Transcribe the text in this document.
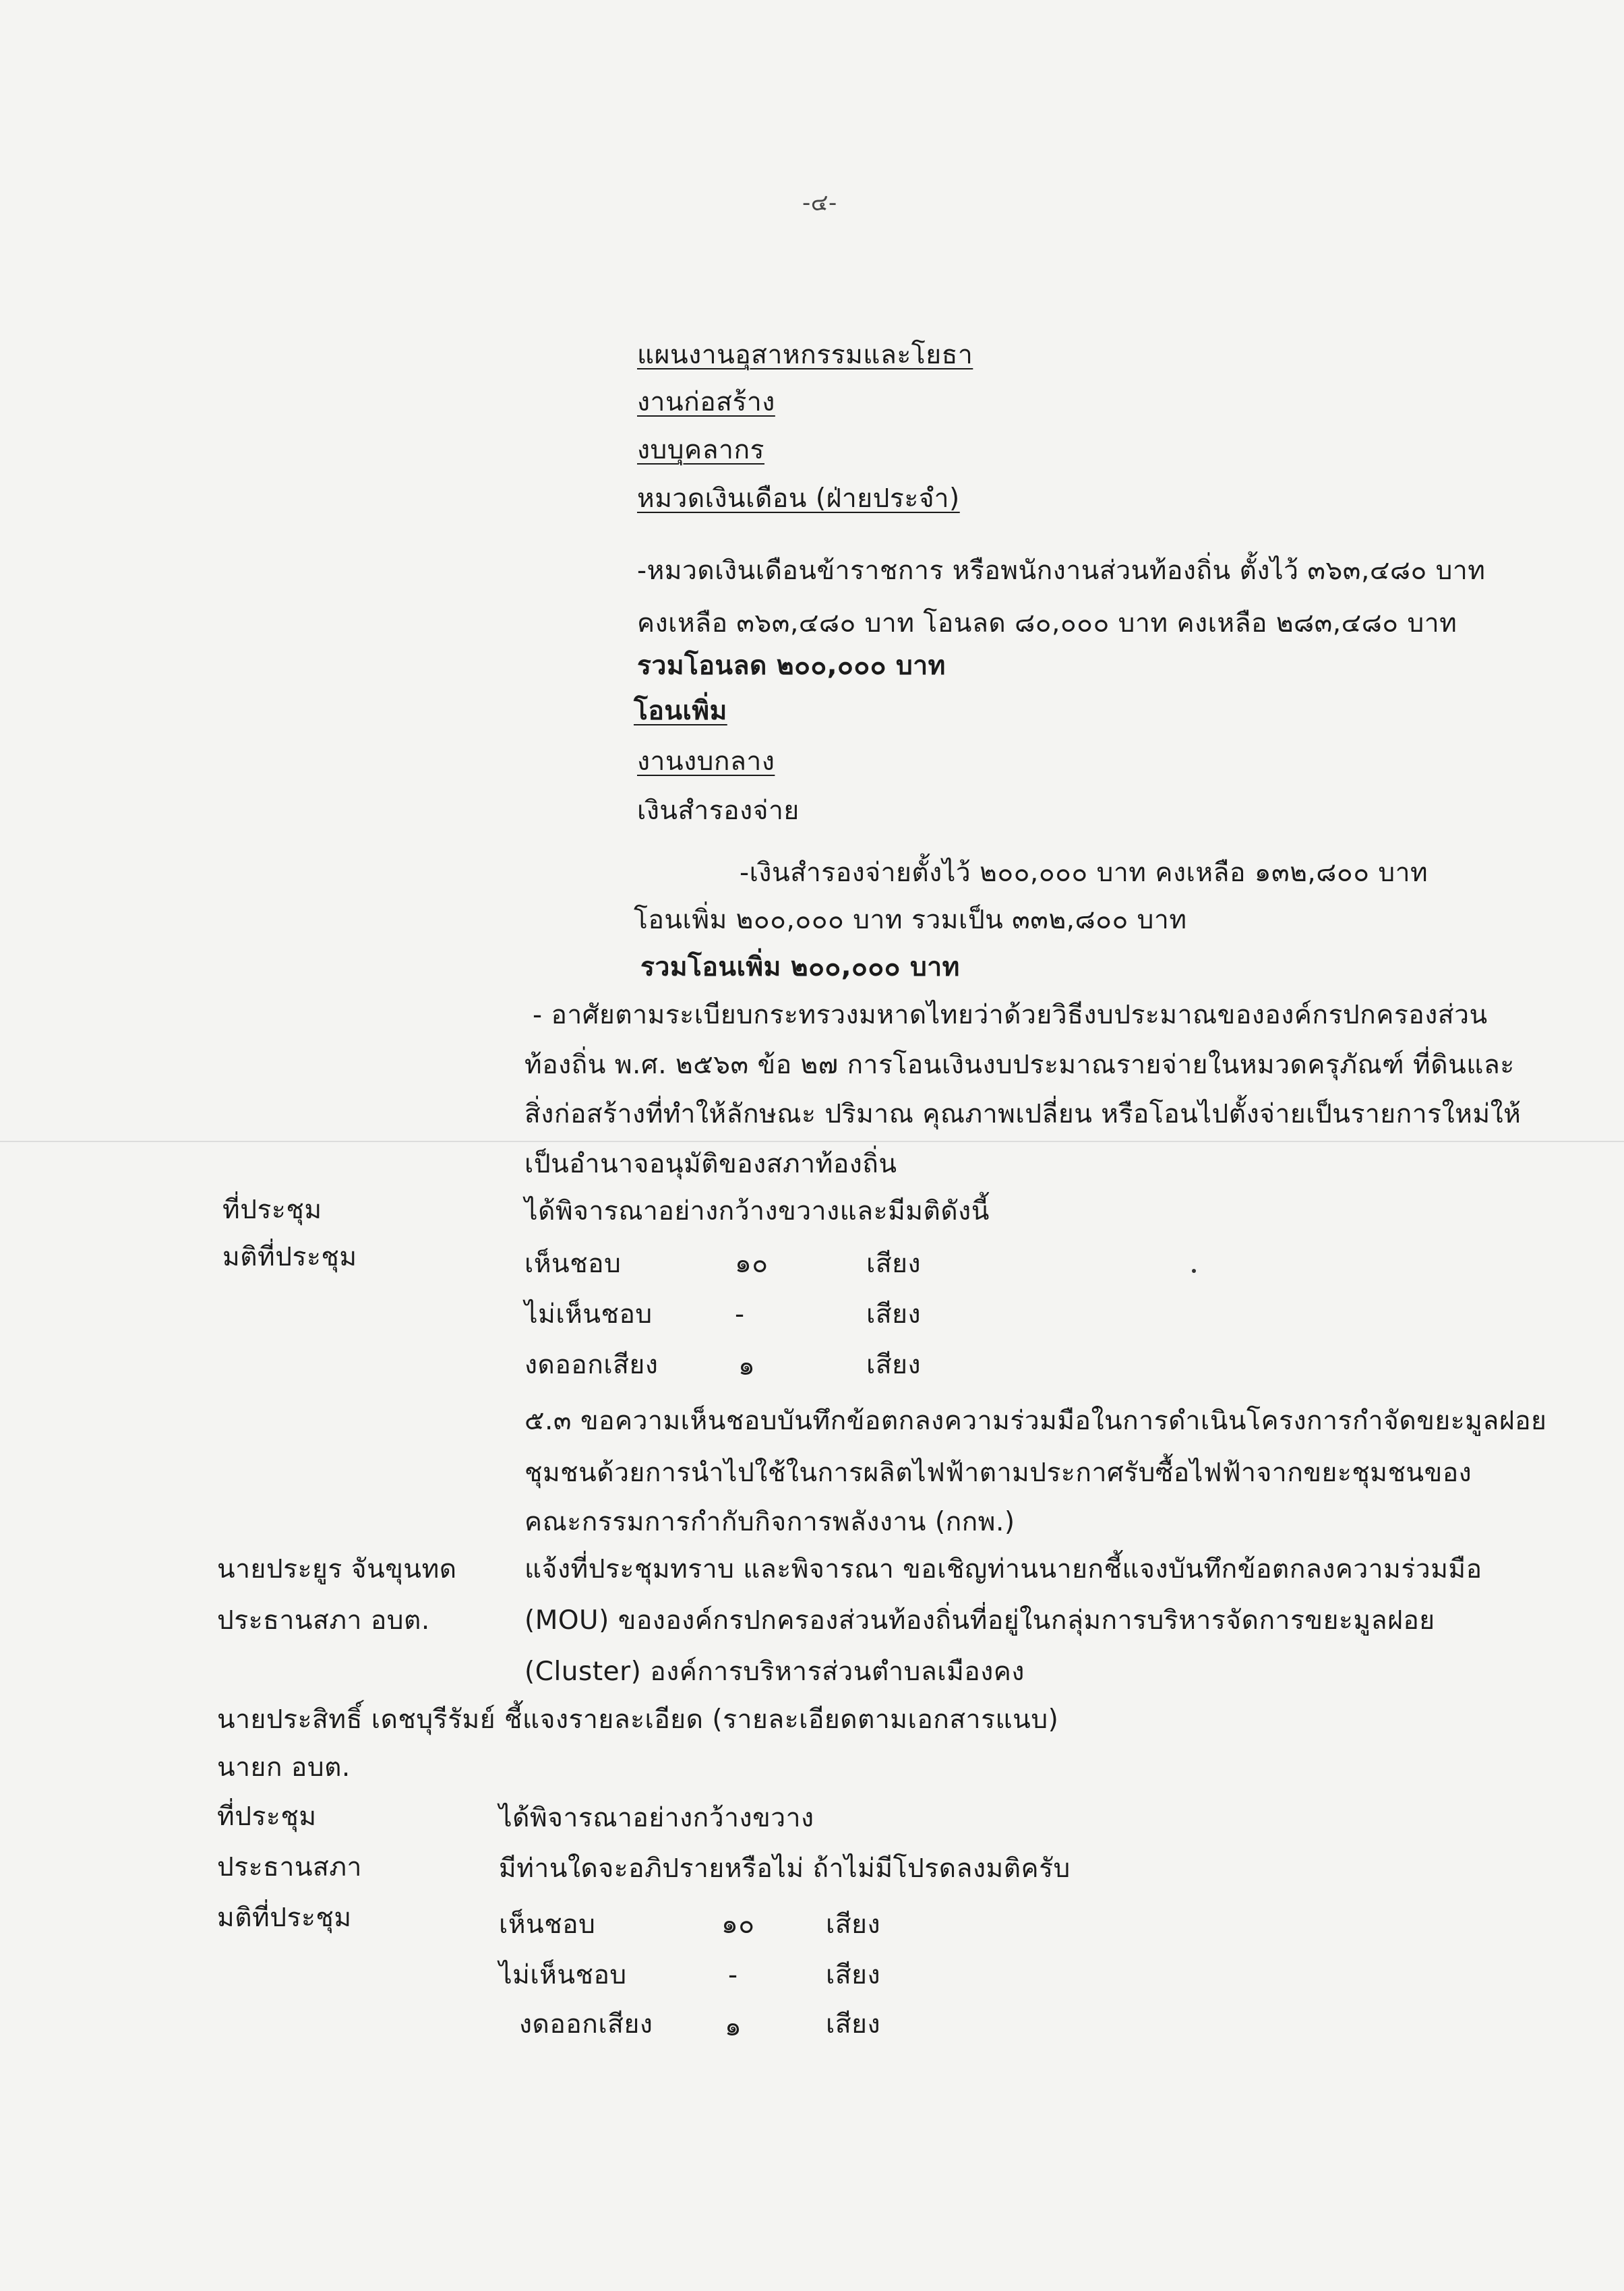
-๔-
แผนงานอุสาหกรรมและโยธา
งานก่อสร้าง
งบบุคลากร
หมวดเงินเดือน (ฝ่ายประจำ)
-หมวดเงินเดือนข้าราชการ หรือพนักงานส่วนท้องถิ่น ตั้งไว้ ๓๖๓,๔๘๐ บาท
คงเหลือ ๓๖๓,๔๘๐ บาท โอนลด ๘๐,๐๐๐ บาท คงเหลือ ๒๘๓,๔๘๐ บาท
รวมโอนลด ๒๐๐,๐๐๐ บาท
โอนเพิ่ม
งานงบกลาง
เงินสำรองจ่าย
-เงินสำรองจ่ายตั้งไว้ ๒๐๐,๐๐๐ บาท คงเหลือ ๑๓๒,๘๐๐ บาท
โอนเพิ่ม ๒๐๐,๐๐๐ บาท รวมเป็น ๓๓๒,๘๐๐ บาท
รวมโอนเพิ่ม ๒๐๐,๐๐๐ บาท
- อาศัยตามระเบียบกระทรวงมหาดไทยว่าด้วยวิธีงบประมาณขององค์กรปกครองส่วน
ท้องถิ่น พ.ศ. ๒๕๖๓ ข้อ ๒๗ การโอนเงินงบประมาณรายจ่ายในหมวดครุภัณฑ์ ที่ดินและ
สิ่งก่อสร้างที่ทำให้ลักษณะ ปริมาณ คุณภาพเปลี่ยน หรือโอนไปตั้งจ่ายเป็นรายการใหม่ให้
เป็นอำนาจอนุมัติของสภาท้องถิ่น
ที่ประชุม	ได้พิจารณาอย่างกว้างขวางและมีมติดังนี้
มติที่ประชุม	เห็นชอบ	๑๐	เสียง
ไม่เห็นชอบ	-	เสียง
งดออกเสียง	๑	เสียง
๕.๓ ขอความเห็นชอบบันทึกข้อตกลงความร่วมมือในการดำเนินโครงการกำจัดขยะมูลฝอย
ชุมชนด้วยการนำไปใช้ในการผลิตไฟฟ้าตามประกาศรับซื้อไฟฟ้าจากขยะชุมชนของ
คณะกรรมการกำกับกิจการพลังงาน (กกพ.)
นายประยูร จันขุนทด
ประธานสภา อบต.
แจ้งที่ประชุมทราบ และพิจารณา ขอเชิญท่านนายกชี้แจงบันทึกข้อตกลงความร่วมมือ
(MOU) ขององค์กรปกครองส่วนท้องถิ่นที่อยู่ในกลุ่มการบริหารจัดการขยะมูลฝอย
(Cluster) องค์การบริหารส่วนตำบลเมืองคง
นายประสิทธิ์ เดชบุรีรัมย์ ชี้แจงรายละเอียด (รายละเอียดตามเอกสารแนบ)
นายก อบต.
ที่ประชุม	ได้พิจารณาอย่างกว้างขวาง
ประธานสภา	มีท่านใดจะอภิปรายหรือไม่ ถ้าไม่มีโปรดลงมติครับ
มติที่ประชุม	เห็นชอบ	๑๐	เสียง
ไม่เห็นชอบ	-	เสียง
งดออกเสียง	๑	เสียง
